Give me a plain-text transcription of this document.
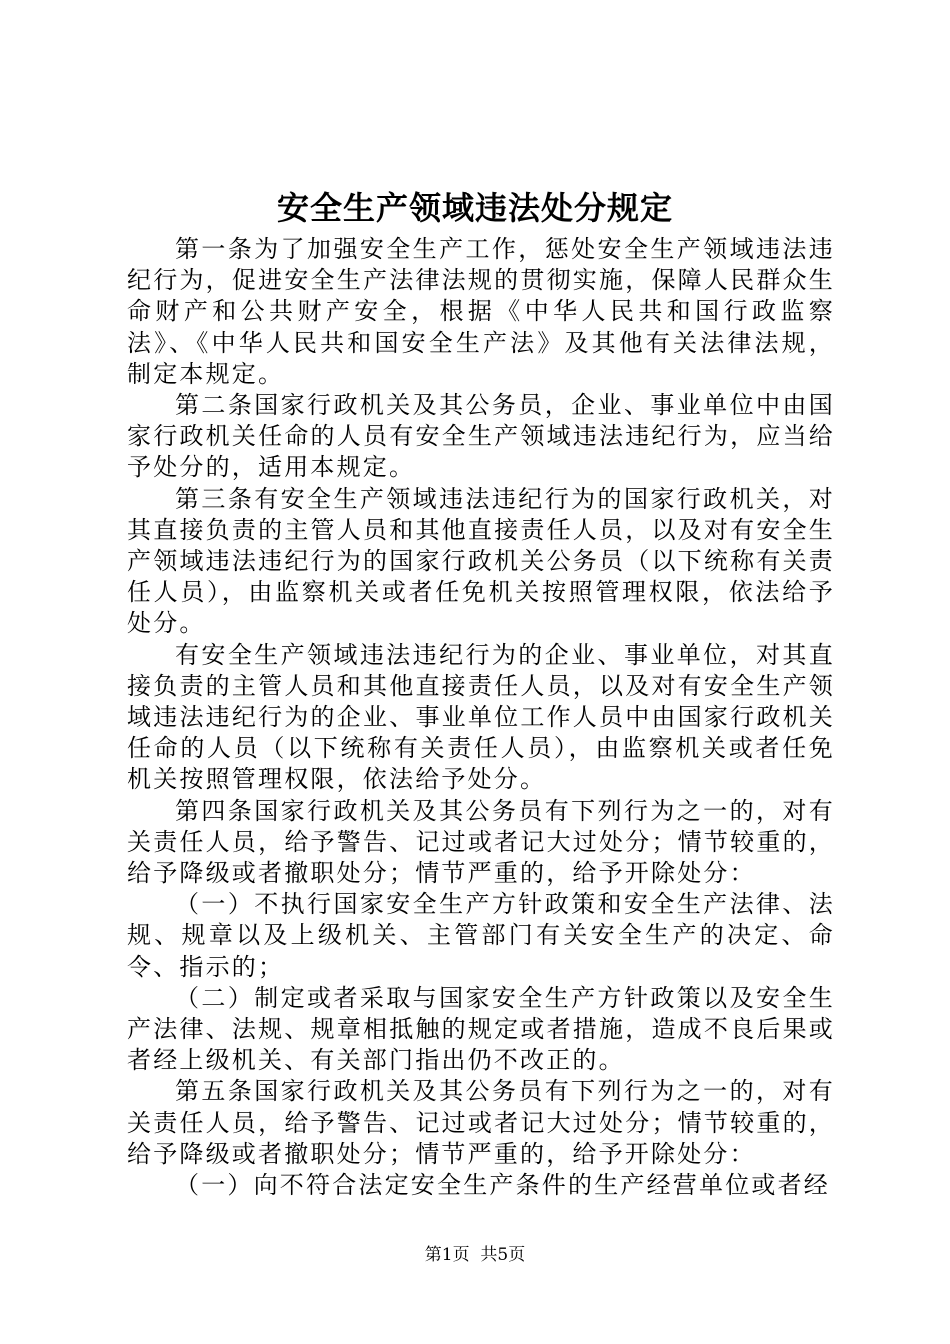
安全生产领域违法处分规定

第一条为了加强安全生产工作，惩处安全生产领域违法违纪行为，促进安全生产法律法规的贯彻实施，保障人民群众生命财产和公共财产安全，根据《中华人民共和国行政监察法》、《中华人民共和国安全生产法》及其他有关法律法规，制定本规定。

第二条国家行政机关及其公务员，企业、事业单位中由国家行政机关任命的人员有安全生产领域违法违纪行为，应当给予处分的，适用本规定。

第三条有安全生产领域违法违纪行为的国家行政机关，对其直接负责的主管人员和其他直接责任人员，以及对有安全生产领域违法违纪行为的国家行政机关公务员（以下统称有关责任人员），由监察机关或者任免机关按照管理权限，依法给予处分。

有安全生产领域违法违纪行为的企业、事业单位，对其直接负责的主管人员和其他直接责任人员，以及对有安全生产领域违法违纪行为的企业、事业单位工作人员中由国家行政机关任命的人员（以下统称有关责任人员），由监察机关或者任免机关按照管理权限，依法给予处分。

第四条国家行政机关及其公务员有下列行为之一的，对有关责任人员，给予警告、记过或者记大过处分；情节较重的，给予降级或者撤职处分；情节严重的，给予开除处分：

（一）不执行国家安全生产方针政策和安全生产法律、法规、规章以及上级机关、主管部门有关安全生产的决定、命令、指示的；

（二）制定或者采取与国家安全生产方针政策以及安全生产法律、法规、规章相抵触的规定或者措施，造成不良后果或者经上级机关、有关部门指出仍不改正的。

第五条国家行政机关及其公务员有下列行为之一的，对有关责任人员，给予警告、记过或者记大过处分；情节较重的，给予降级或者撤职处分；情节严重的，给予开除处分：

（一）向不符合法定安全生产条件的生产经营单位或者经

第1页 共5页
